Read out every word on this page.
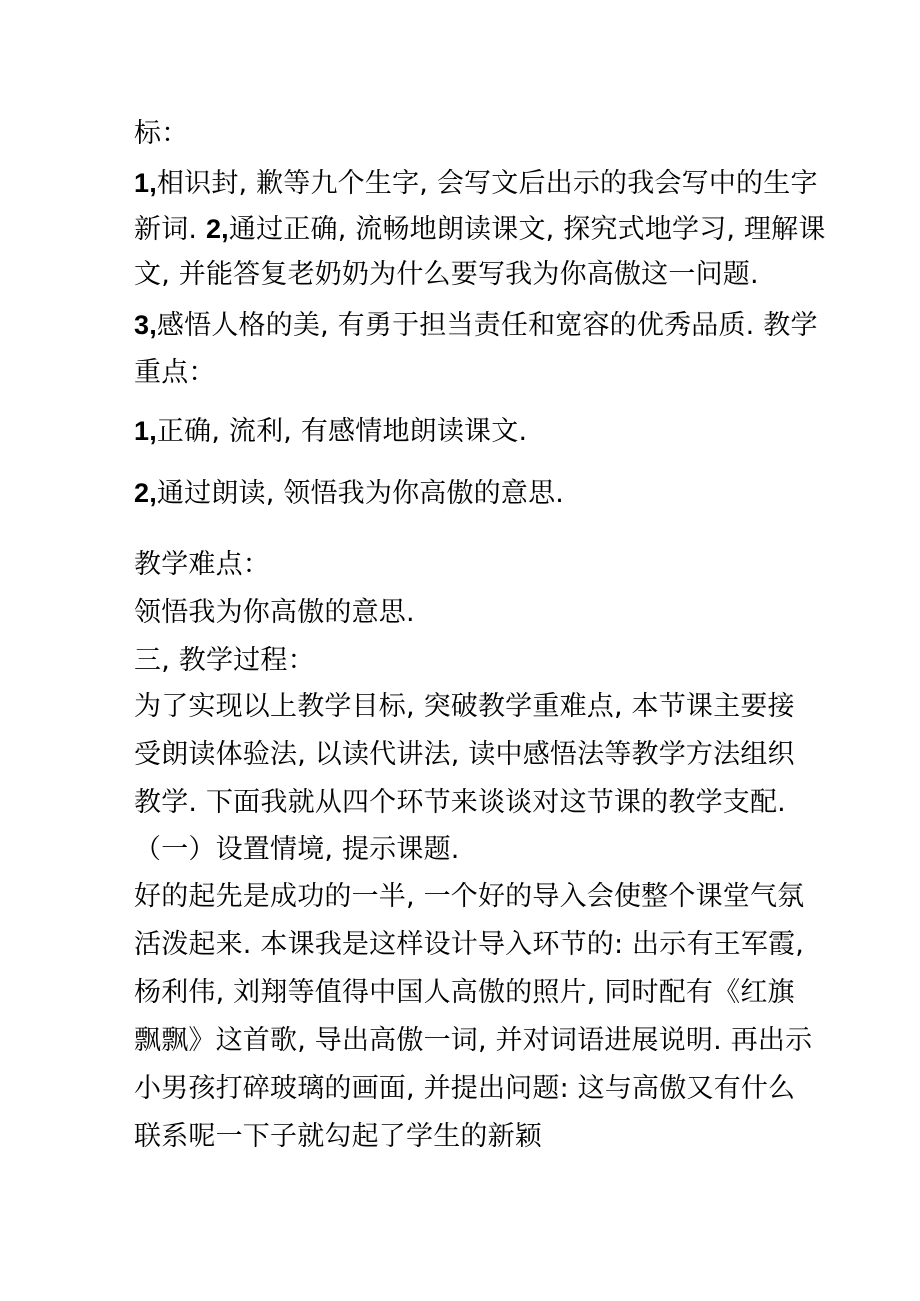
标：
1,相识封, 歉等九个生字, 会写文后出示的我会写中的生字
新词. 2,通过正确, 流畅地朗读课文, 探究式地学习, 理解课
文, 并能答复老奶奶为什么要写我为你高傲这一问题.
3,感悟人格的美, 有勇于担当责任和宽容的优秀品质. 教学
重点：
1,正确, 流利, 有感情地朗读课文.
2,通过朗读, 领悟我为你高傲的意思.
教学难点：
领悟我为你高傲的意思.
三, 教学过程：
为了实现以上教学目标, 突破教学重难点, 本节课主要接
受朗读体验法, 以读代讲法, 读中感悟法等教学方法组织
教学. 下面我就从四个环节来谈谈对这节课的教学支配.
（一）设置情境, 提示课题.
好的起先是成功的一半, 一个好的导入会使整个课堂气氛
活泼起来. 本课我是这样设计导入环节的: 出示有王军霞,
杨利伟, 刘翔等值得中国人高傲的照片, 同时配有《红旗
飘飘》这首歌, 导出高傲一词, 并对词语进展说明. 再出示
小男孩打碎玻璃的画面, 并提出问题: 这与高傲又有什么
联系呢一下子就勾起了学生的新颖
